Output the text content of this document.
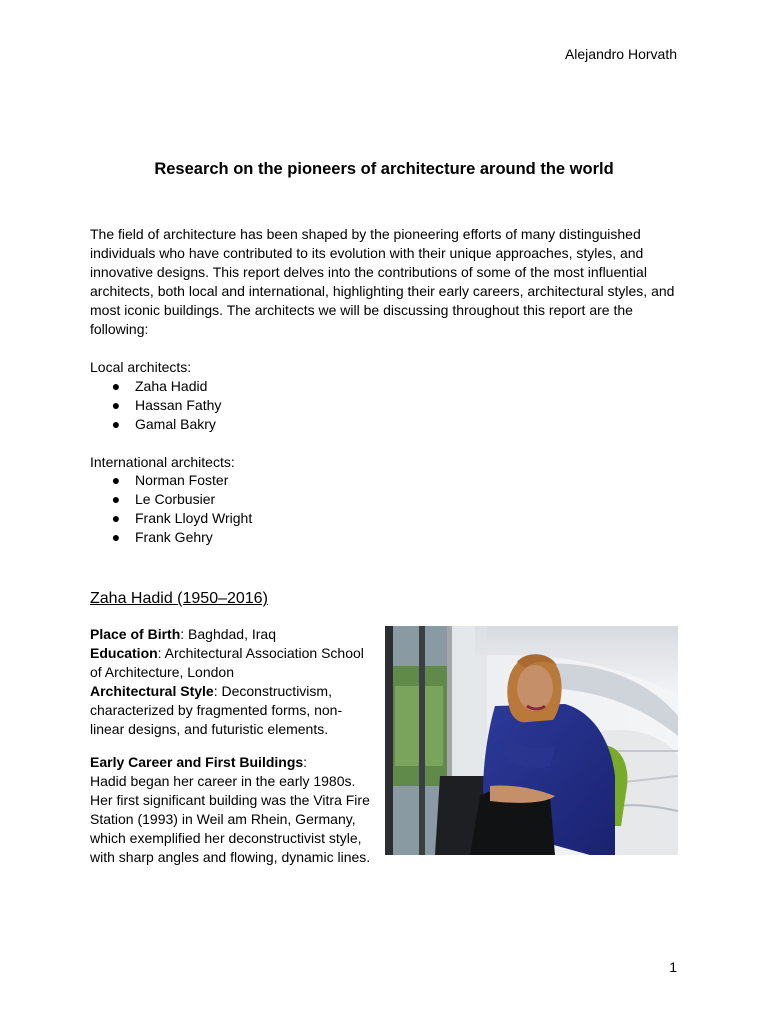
Alejandro Horvath
Research on the pioneers of architecture around the world

The field of architecture has been shaped by the pioneering efforts of many distinguished individuals who have contributed to its evolution with their unique approaches, styles, and innovative designs. This report delves into the contributions of some of the most influential architects, both local and international, highlighting their early careers, architectural styles, and most iconic buildings. The architects we will be discussing throughout this report are the following:

Local architects:
● Zaha Hadid
● Hassan Fathy
● Gamal Bakry
International architects:
● Norman Foster
● Le Corbusier
● Frank Lloyd Wright
● Frank Gehry
Zaha Hadid (1950–2016)

Place of Birth: Baghdad, Iraq

Education: Architectural Association School of Architecture, London

Architectural Style: Deconstructivism, characterized by fragmented forms, non-linear designs, and futuristic elements.

Early Career and First Buildings:

Hadid began her career in the early 1980s. Her first significant building was the Vitra Fire Station (1993) in Weil am Rhein, Germany, which exemplified her deconstructivist style, with sharp angles and flowing, dynamic lines.

1
